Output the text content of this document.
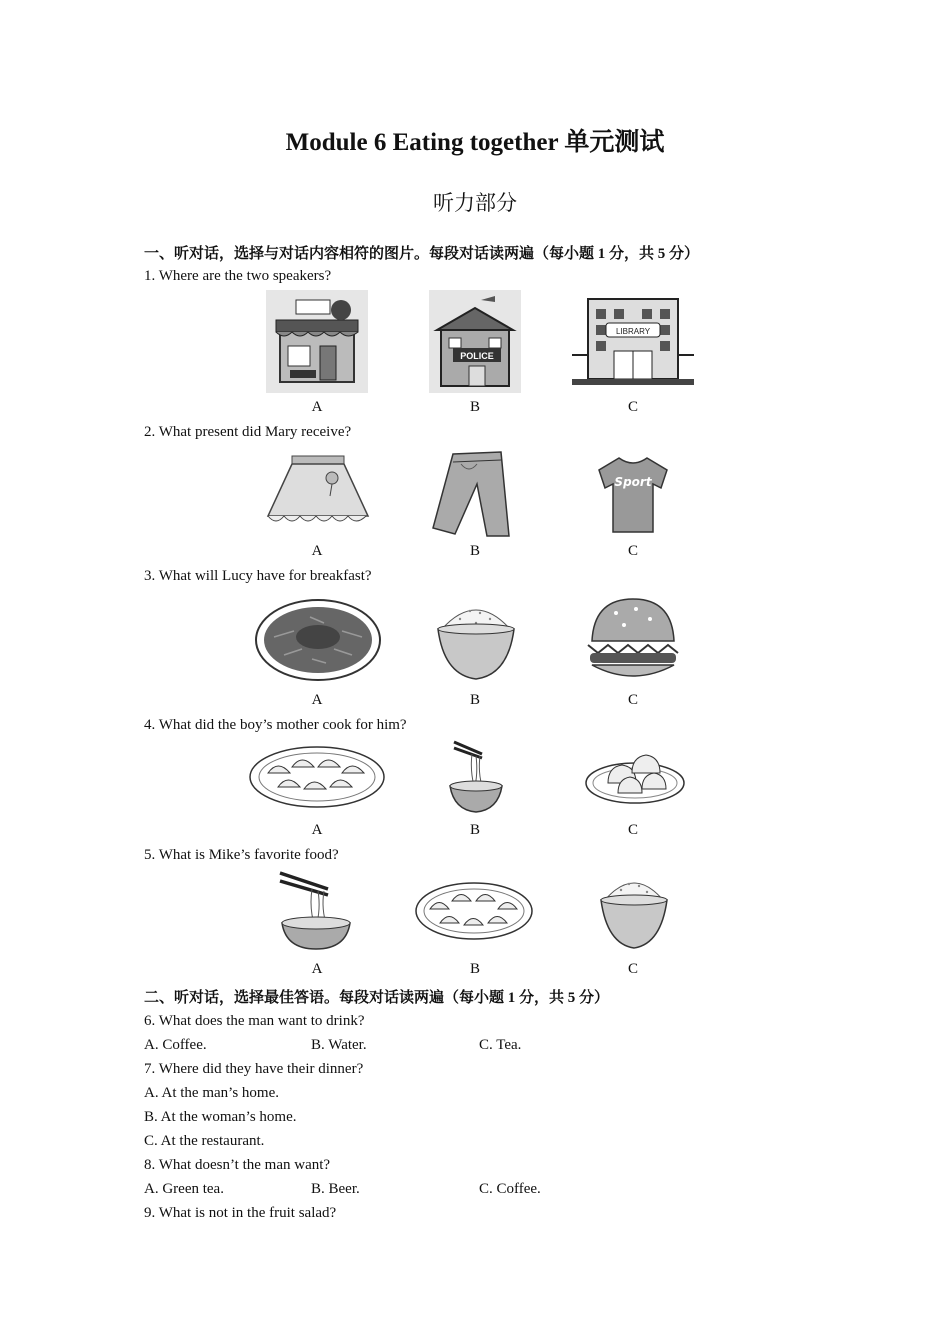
Module 6 Eating together 单元测试
听力部分
一、听对话，选择与对话内容相符的图片。每段对话读两遍（每小题 1 分，共 5 分）
1. Where are the two speakers?
POLICE
LIBRARY
A	B	C
2. What present did Mary receive?
Sport
A	B	C
3. What will Lucy have for breakfast?
A	B	C
4. What did the boy’s mother cook for him?
A	B	C
5. What is Mike’s favorite food?
A	B	C
二、听对话，选择最佳答语。每段对话读两遍（每小题 1 分，共 5 分）
6. What does the man want to drink?
A. Coffee.	B. Water.	C. Tea.
7. Where did they have their dinner?
A. At the man’s home.
B. At the woman’s home.
C. At the restaurant.
8. What doesn’t the man want?
A. Green tea.	B. Beer.	C. Coffee.
9. What is not in the fruit salad?
